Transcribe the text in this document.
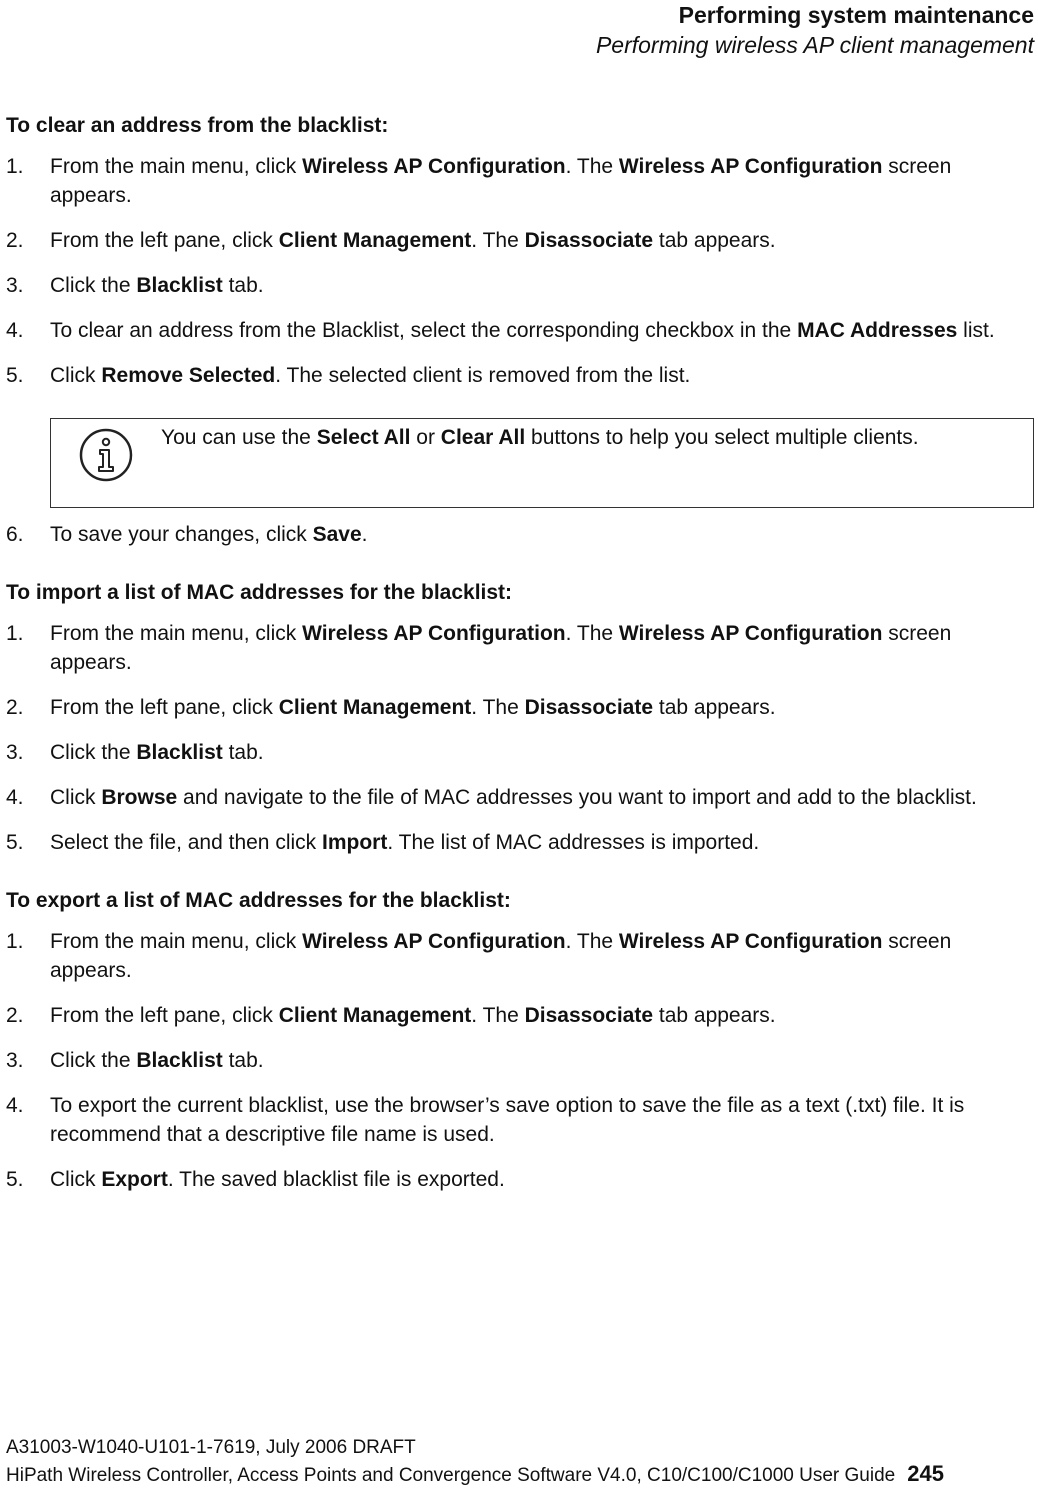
Performing system maintenance
Performing wireless AP client management
To clear an address from the blacklist:
1. From the main menu, click Wireless AP Configuration. The Wireless AP Configuration screen appears.
2. From the left pane, click Client Management. The Disassociate tab appears.
3. Click the Blacklist tab.
4. To clear an address from the Blacklist, select the corresponding checkbox in the MAC Addresses list.
5. Click Remove Selected. The selected client is removed from the list.
You can use the Select All or Clear All buttons to help you select multiple clients.
6. To save your changes, click Save.
To import a list of MAC addresses for the blacklist:
1. From the main menu, click Wireless AP Configuration. The Wireless AP Configuration screen appears.
2. From the left pane, click Client Management. The Disassociate tab appears.
3. Click the Blacklist tab.
4. Click Browse and navigate to the file of MAC addresses you want to import and add to the blacklist.
5. Select the file, and then click Import. The list of MAC addresses is imported.
To export a list of MAC addresses for the blacklist:
1. From the main menu, click Wireless AP Configuration. The Wireless AP Configuration screen appears.
2. From the left pane, click Client Management. The Disassociate tab appears.
3. Click the Blacklist tab.
4. To export the current blacklist, use the browser’s save option to save the file as a text (.txt) file. It is recommend that a descriptive file name is used.
5. Click Export. The saved blacklist file is exported.
A31003-W1040-U101-1-7619, July 2006 DRAFT
HiPath Wireless Controller, Access Points and Convergence Software V4.0, C10/C100/C1000 User Guide 245
